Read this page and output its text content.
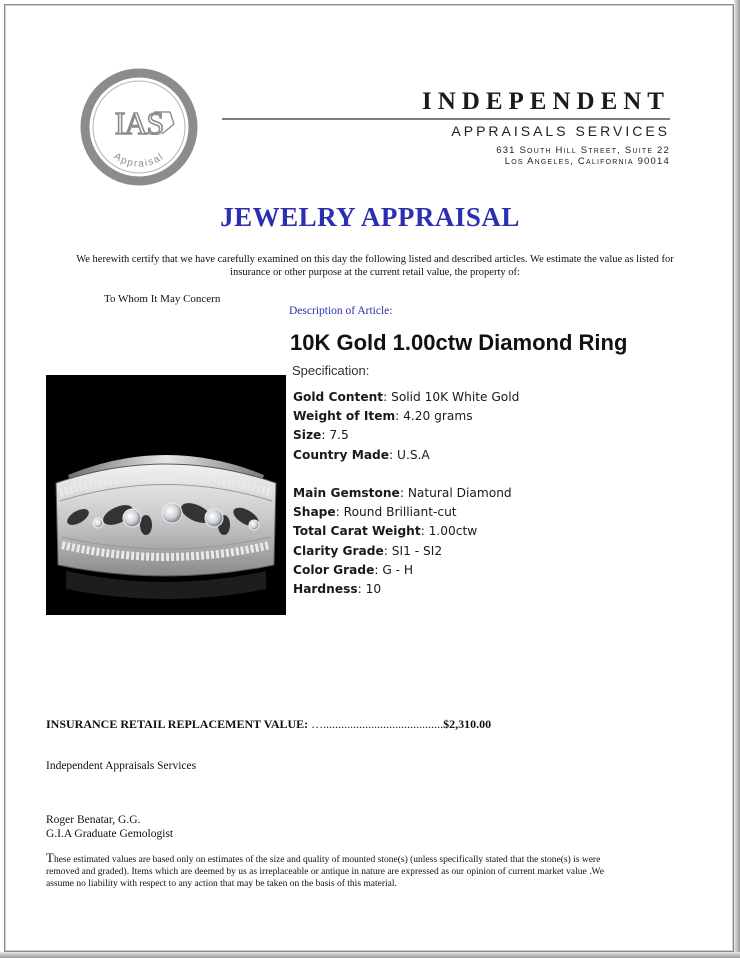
IAS
Appraisal
INDEPENDENT
APPRAISALS SERVICES
631 South Hill Street, Suite 22
Los Angeles, California 90014
JEWELRY APPRAISAL
We herewith certify that we have carefully examined on this day the following listed and described articles. We estimate the value as listed for insurance or other purpose at the current retail value, the property of:
To Whom It May Concern
Description of Article:
10K Gold 1.00ctw Diamond Ring
Specification:
Gold Content: Solid 10K White Gold
Weight of Item: 4.20 grams
Size: 7.5
Country Made: U.S.A
Main Gemstone: Natural Diamond
Shape: Round Brilliant-cut
Total Carat Weight: 1.00ctw
Clarity Grade: SI1 - SI2
Color Grade: G - H
Hardness: 10
INSURANCE RETAIL REPLACEMENT VALUE: …........................................$2,310.00
Independent Appraisals Services
Roger Benatar, G.G.
G.I.A Graduate Gemologist
These estimated values are based only on estimates of the size and quality of mounted stone(s) (unless specifically stated that the stone(s) is were removed and graded). Items which are deemed by us as irreplaceable or antique in nature are expressed as our opinion of current market value .We assume no liability with respect to any action that may be taken on the basis of this material.
